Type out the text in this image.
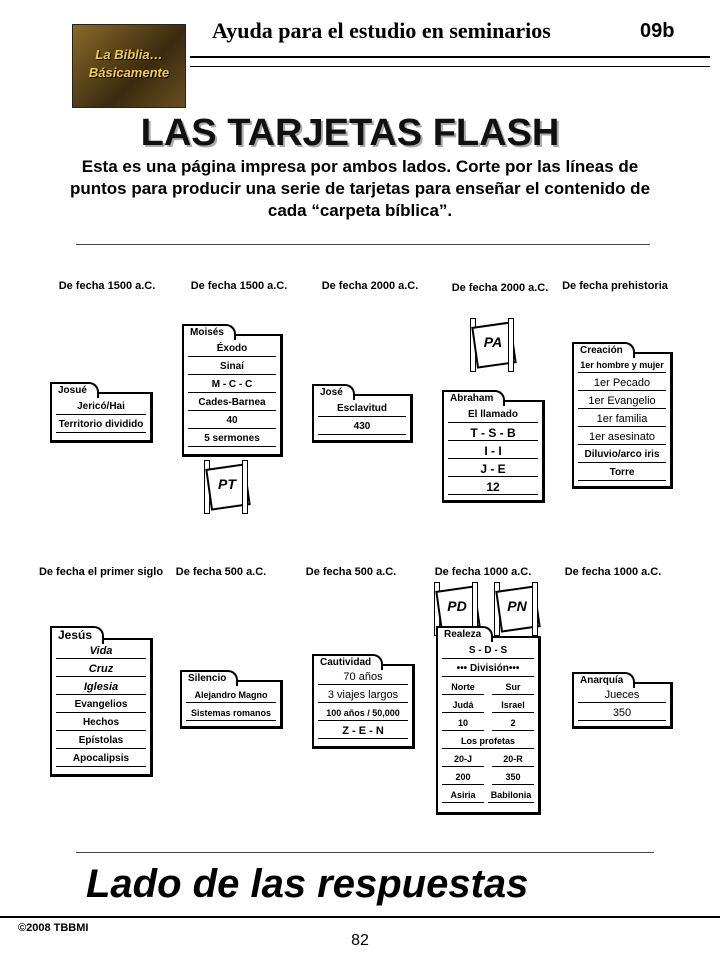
La Biblia…
Básicamente
Ayuda para el estudio en seminarios	09b
LAS TARJETAS FLASH
Esta es una página impresa por ambos lados. Corte por las líneas de puntos para producir una serie de tarjetas para enseñar el contenido de cada “carpeta bíblica”.
De fecha 1500 a.C.	De fecha 1500 a.C.	De fecha 2000 a.C.	De fecha 2000 a.C.	De fecha prehistoria
Josué
Jericó/Hai
Territorio dividido
Moisés
Éxodo
Sinaí
M - C - C
Cades-Barnea
40
5 sermones
PT
José
Esclavitud
430
PA
Abraham
El llamado
T - S - B
I - I
J - E
12
Creación
1er hombre y mujer
1er Pecado
1er Evangelio
1er familia
1er asesinato
Diluvio/arco iris
Torre
De fecha el primer siglo	De fecha 500 a.C.	De fecha 500 a.C.	De fecha 1000 a.C.	De fecha 1000 a.C.
PD	PN
Jesús
Vida
Cruz
Iglesia
Evangelios
Hechos
Epístolas
Apocalipsis
Silencio
Alejandro Magno
Sistemas romanos
Cautividad
70 años
3 viajes largos
100 años / 50,000
Z - E - N
Realeza
S - D - S
••• División•••
Norte	Sur
Judá	Israel
10	2
Los profetas
20-J	20-R
200	350
Asiria	Babilonia
Anarquía
Jueces
350
Lado de las respuestas
©2008 TBBMI
82
